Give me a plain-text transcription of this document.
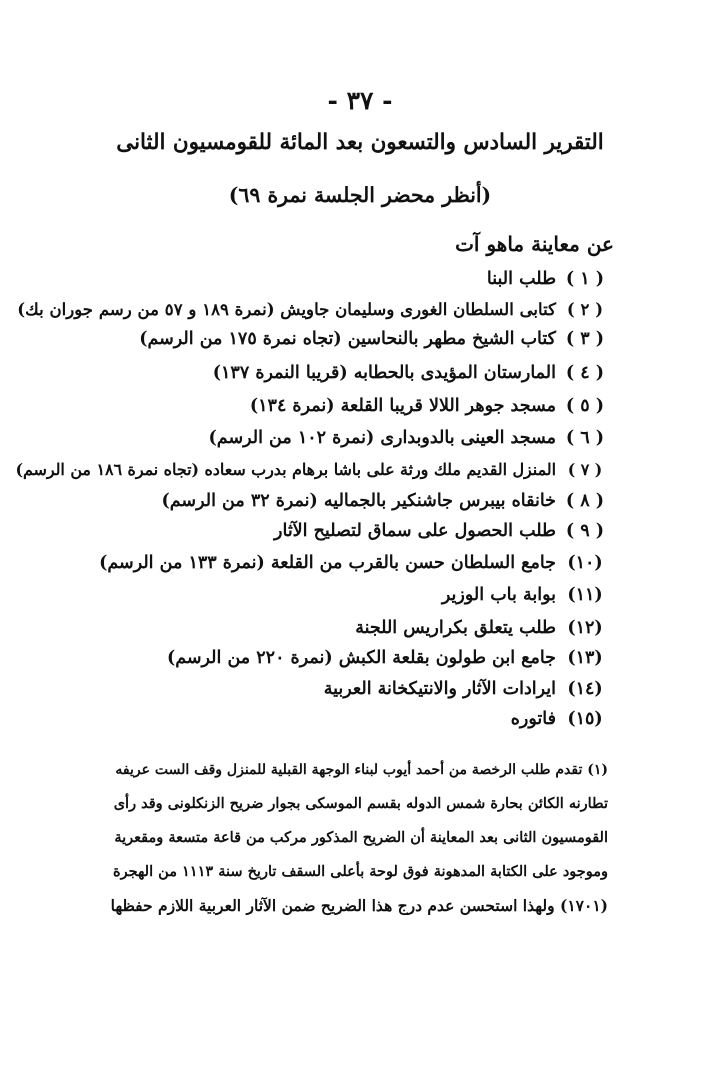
- ٣٧ -
التقرير السادس والتسعون بعد المائة للقومسيون الثانى
(أنظر محضر الجلسة نمرة ٦٩)
عن معاينة ماهو آت
( ١ )طلب البنا
( ٢ )كتابى السلطان الغورى وسليمان جاويش (نمرة ١٨٩ و ٥٧ من رسم جوران بك)
( ٣ )كتاب الشيخ مطهر بالنحاسين (تجاه نمرة ١٧٥ من الرسم)
( ٤ )المارستان المؤيدى بالحطابه (قريبا النمرة ١٣٧)
( ٥ )مسجد جوهر اللالا قريبا القلعة (نمرة ١٣٤)
( ٦ )مسجد العينى بالدوبدارى (نمرة ١٠٢ من الرسم)
( ٧ )المنزل القديم ملك ورثة على باشا برهام بدرب سعاده (تجاه نمرة ١٨٦ من الرسم)
( ٨ )خانقاه بيبرس جاشنكير بالجماليه (نمرة ٣٢ من الرسم)
( ٩ )طلب الحصول على سماق لتصليح الآثار
(١٠)جامع السلطان حسن بالقرب من القلعة (نمرة ١٣٣ من الرسم)
(١١)بوابة باب الوزير
(١٢)طلب يتعلق بكراريس اللجنة
(١٣)جامع ابن طولون بقلعة الكبش (نمرة ٢٢٠ من الرسم)
(١٤)ايرادات الآثار والانتيكخانة العربية
(١٥)فاتوره
(١) تقدم طلب الرخصة من أحمد أيوب لبناء الوجهة القبلية للمنزل وقف الست عريفه
تطارنه الكائن بحارة شمس الدوله بقسم الموسكى بجوار ضريح الزنكلونى وقد رأى
القومسيون الثانى بعد المعاينة أن الضريح المذكور مركب من قاعة متسعة ومقعرية
وموجود على الكتابة المدهونة فوق لوحة بأعلى السقف تاريخ سنة ١١١٣ من الهجرة
(١٧٠١) ولهذا استحسن عدم درج هذا الضريح ضمن الآثار العربية اللازم حفظها
